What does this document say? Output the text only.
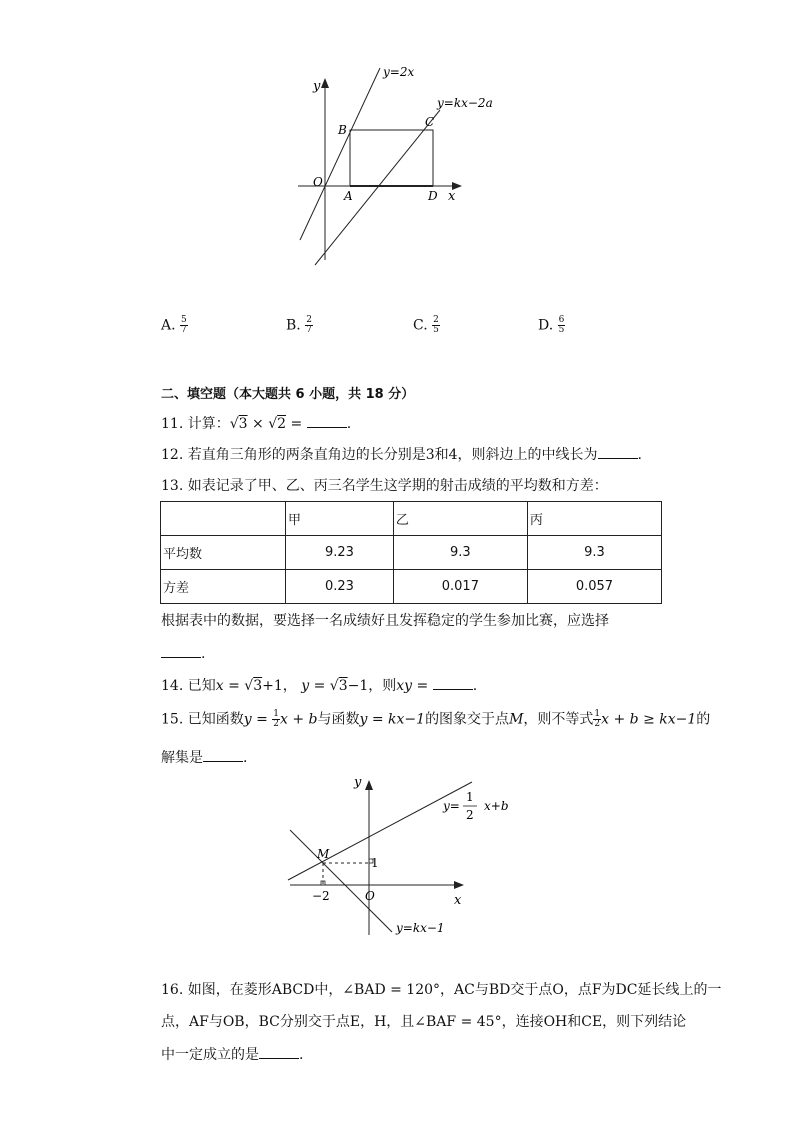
y=2x
y=kx−2a
y
x
O
A
B
C
D
A. $\frac{5}{7}$	B. $\frac{2}{7}$	C. $\frac{2}{5}$	D. $\frac{6}{5}$
二、填空题（本大题共 6 小题，共 18 分）
11. 计算：√3 × √2 =	.
12. 若直角三角形的两条直角边的长分别是3和4，则斜边上的中线长为	.
13. 如表记录了甲、乙、丙三名学生这学期的射击成绩的平均数和方差：
	甲	乙	丙
平均数	9.23	9.3	9.3
方差	0.23	0.017	0.057
根据表中的数据，要选择一名成绩好且发挥稳定的学生参加比赛，应选择
.
14. 已知x = √3+1， y = √3−1，则xy =	.
15. 已知函数$y = \frac{1}{2}$ x + b与函数y = kx−1的图象交于点M，则不等式 $\frac{1}{2}$ x + b ≥ kx−1的
解集是	.
y
x
O
M
1
−2
y=
1
2
x+b
y=kx−1
16. 如图，在菱形ABCD中，∠BAD = 120°，AC与BD交于点O，点F为DC延长线上的一
点，AF与OB，BC分别交于点E，H，且∠BAF = 45°，连接OH和CE，则下列结论
中一定成立的是	.
